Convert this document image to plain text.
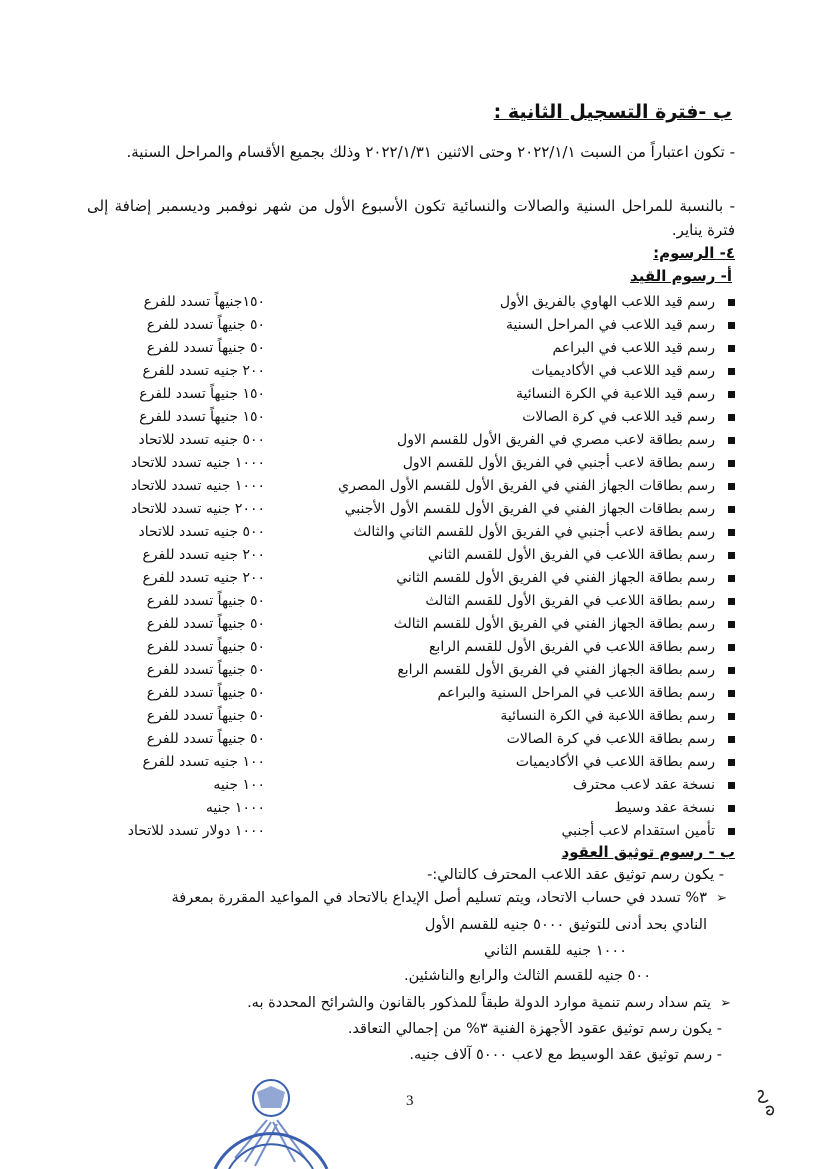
ب -فترة التسجيل الثانية :
- تكون اعتباراً من السبت ٢٠٢٢/١/١ وحتى الاثنين ٢٠٢٢/١/٣١ وذلك بجميع الأقسام والمراحل السنية.
- بالنسبة للمراحل السنية والصالات والنسائية تكون الأسبوع الأول من شهر نوفمبر وديسمبر إضافة إلى فترة يناير.
٤- الرسوم:
أ- رسوم القيد
رسم قيد اللاعب الهاوي بالفريق الأول
١٥٠جنيهاً تسدد للفرع
رسم قيد اللاعب في المراحل السنية
٥٠ جنيهاً تسدد للفرع
رسم قيد اللاعب في البراعم
٥٠ جنيهاً تسدد للفرع
رسم قيد اللاعب في الأكاديميات
٢٠٠ جنيه تسدد للفرع
رسم قيد اللاعبة في الكرة النسائية
١٥٠ جنيهاً تسدد للفرع
رسم قيد اللاعب في كرة الصالات
١٥٠ جنيهاً تسدد للفرع
رسم بطاقة لاعب مصري في الفريق الأول للقسم الاول
٥٠٠ جنيه تسدد للاتحاد
رسم بطاقة لاعب أجنبي في الفريق الأول للقسم الاول
١٠٠٠ جنيه تسدد للاتحاد
رسم بطاقات الجهاز الفني في الفريق الأول للقسم الأول المصري
١٠٠٠ جنيه تسدد للاتحاد
رسم بطاقات الجهاز الفني في الفريق الأول للقسم الأول الأجنبي
٢٠٠٠ جنيه تسدد للاتحاد
رسم بطاقة لاعب أجنبي في الفريق الأول للقسم الثاني والثالث
٥٠٠ جنيه تسدد للاتحاد
رسم بطاقة اللاعب في الفريق الأول للقسم الثاني
٢٠٠ جنيه تسدد للفرع
رسم بطاقة الجهاز الفني في الفريق الأول للقسم الثاني
٢٠٠ جنيه تسدد للفرع
رسم بطاقة اللاعب في الفريق الأول للقسم الثالث
٥٠ جنيهاً تسدد للفرع
رسم بطاقة الجهاز الفني في الفريق الأول للقسم الثالث
٥٠ جنيهاً تسدد للفرع
رسم بطاقة اللاعب في الفريق الأول للقسم الرابع
٥٠ جنيهاً تسدد للفرع
رسم بطاقة الجهاز الفني في الفريق الأول للقسم الرابع
٥٠ جنيهاً تسدد للفرع
رسم بطاقة اللاعب في المراحل السنية والبراعم
٥٠ جنيهاً تسدد للفرع
رسم بطاقة اللاعبة في الكرة النسائية
٥٠ جنيهاً تسدد للفرع
رسم بطاقة اللاعب في كرة الصالات
٥٠ جنيهاً تسدد للفرع
رسم بطاقة اللاعب في الأكاديميات
١٠٠ جنيه تسدد للفرع
نسخة عقد لاعب محترف
١٠٠ جنيه
نسخة عقد وسيط
١٠٠٠ جنيه
تأمين استقدام لاعب أجنبي
١٠٠٠ دولار تسدد للاتحاد
ب - رسوم توثيق العقود
- يكون رسم توثيق عقد اللاعب المحترف كالتالي:-
➢٣% تسدد في حساب الاتحاد، ويتم تسليم أصل الإيداع بالاتحاد في المواعيد المقررة بمعرفة
النادي بحد أدنى للتوثيق ٥٠٠٠ جنيه للقسم الأول
١٠٠٠ جنيه للقسم الثاني
٥٠٠ جنيه للقسم الثالث والرابع والناشئين.
➢يتم سداد رسم تنمية موارد الدولة طبقاً للمذكور بالقانون والشرائح المحددة به.
- يكون رسم توثيق عقود الأجهزة الفنية ٣% من إجمالي التعاقد.
- رسم توثيق عقد الوسيط مع لاعب ٥٠٠٠ آلاف جنيه.
3
